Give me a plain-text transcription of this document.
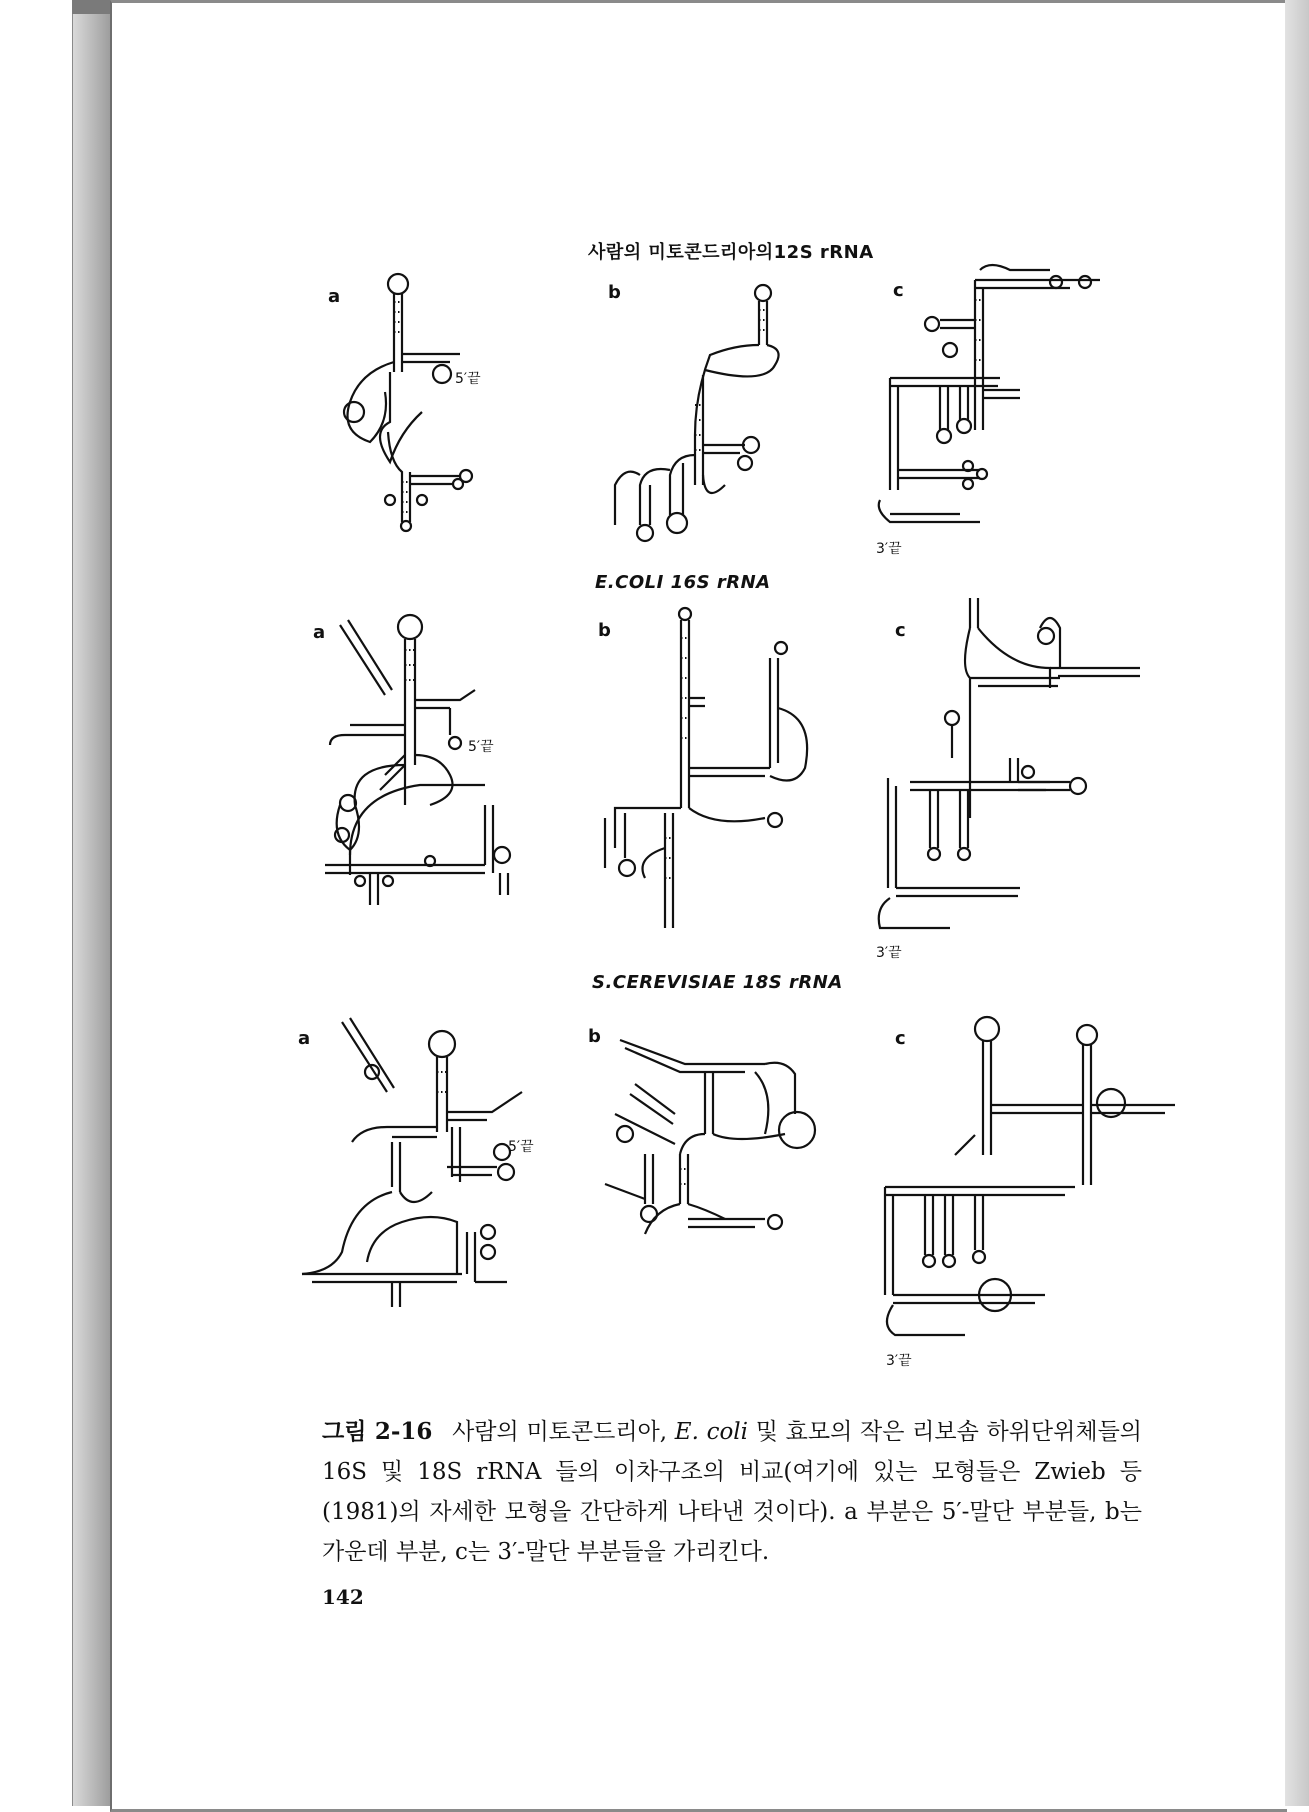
사람의 미토콘드리아의12S rRNA
a	b	c
5′끝
3′끝
E.COLI 16S rRNA
a	b	c
5′끝
3′끝
S.CEREVISIAE 18S rRNA
a	b	c
5′끝
3′끝
그림 2-16 사람의 미토콘드리아, E. coli 및 효모의 작은 리보솜 하위단위체들의 16S 및 18S rRNA 들의 이차구조의 비교(여기에 있는 모형들은 Zwieb 등(1981)의 자세한 모형을 간단하게 나타낸 것이다). a 부분은 5′-말단 부분들, b는 가운데 부분, c는 3′-말단 부분들을 가리킨다.
142
